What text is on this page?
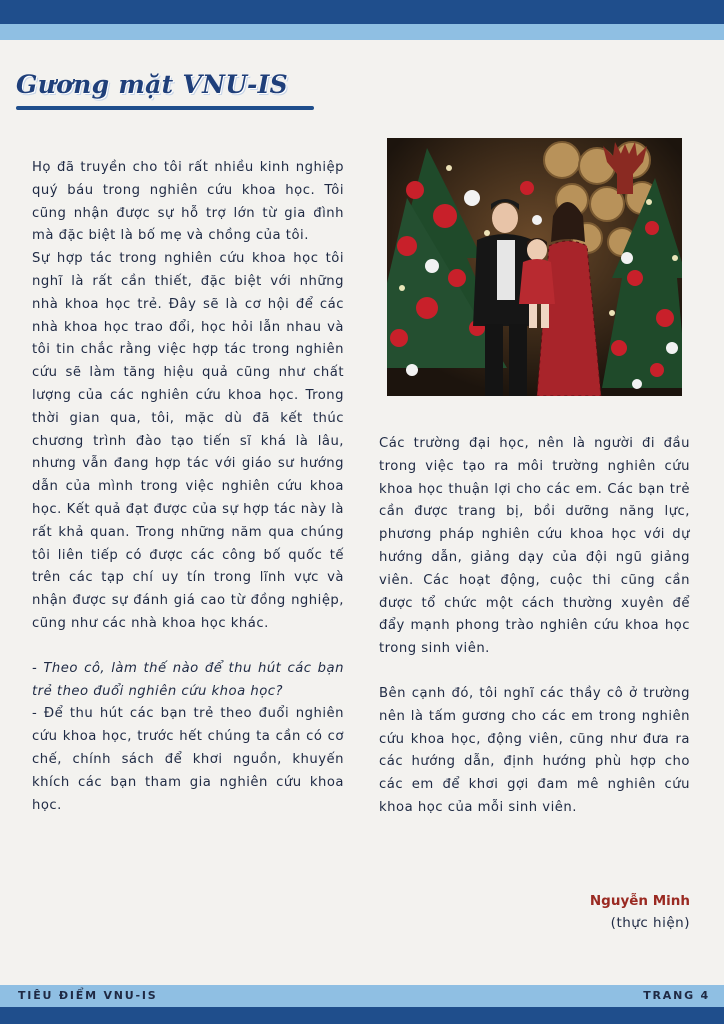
Gương mặt VNU-IS

Họ đã truyền cho tôi rất nhiều kinh nghiệp quý báu trong nghiên cứu khoa học. Tôi cũng nhận được sự hỗ trợ lớn từ gia đình mà đặc biệt là bố mẹ và chồng của tôi.

Sự hợp tác trong nghiên cứu khoa học tôi nghĩ là rất cần thiết, đặc biệt với những nhà khoa học trẻ. Đây sẽ là cơ hội để các nhà khoa học trao đổi, học hỏi lẫn nhau và tôi tin chắc rằng việc hợp tác trong nghiên cứu sẽ làm tăng hiệu quả cũng như chất lượng của các nghiên cứu khoa học. Trong thời gian qua, tôi, mặc dù đã kết thúc chương trình đào tạo tiến sĩ khá là lâu, nhưng vẫn đang hợp tác với giáo sư hướng dẫn của mình trong việc nghiên cứu khoa học. Kết quả đạt được của sự hợp tác này là rất khả quan. Trong những năm qua chúng tôi liên tiếp có được các công bố quốc tế trên các tạp chí uy tín trong lĩnh vực và nhận được sự đánh giá cao từ đồng nghiệp, cũng như các nhà khoa học khác.

- Theo cô, làm thế nào để thu hút các bạn trẻ theo đuổi nghiên cứu khoa học?

- Để thu hút các bạn trẻ theo đuổi nghiên cứu khoa học, trước hết chúng ta cần có cơ chế, chính sách để khơi nguồn, khuyến khích các bạn tham gia nghiên cứu khoa học.

Các trường đại học, nên là người đi đầu trong việc tạo ra môi trường nghiên cứu khoa học thuận lợi cho các em. Các bạn trẻ cần được trang bị, bồi dưỡng năng lực, phương pháp nghiên cứu khoa học với dự hướng dẫn, giảng dạy của đội ngũ giảng viên. Các hoạt động, cuộc thi cũng cần được tổ chức một cách thường xuyên để đẩy mạnh phong trào nghiên cứu khoa học trong sinh viên.

Bên cạnh đó, tôi nghĩ các thầy cô ở trường nên là tấm gương cho các em trong nghiên cứu khoa học, động viên, cũng như đưa ra các hướng dẫn, định hướng phù hợp cho các em để khơi gợi đam mê nghiên cứu khoa học của mỗi sinh viên.

Nguyễn Minh
(thực hiện)
TIÊU ĐIỂM VNU-IS	TRANG 4
